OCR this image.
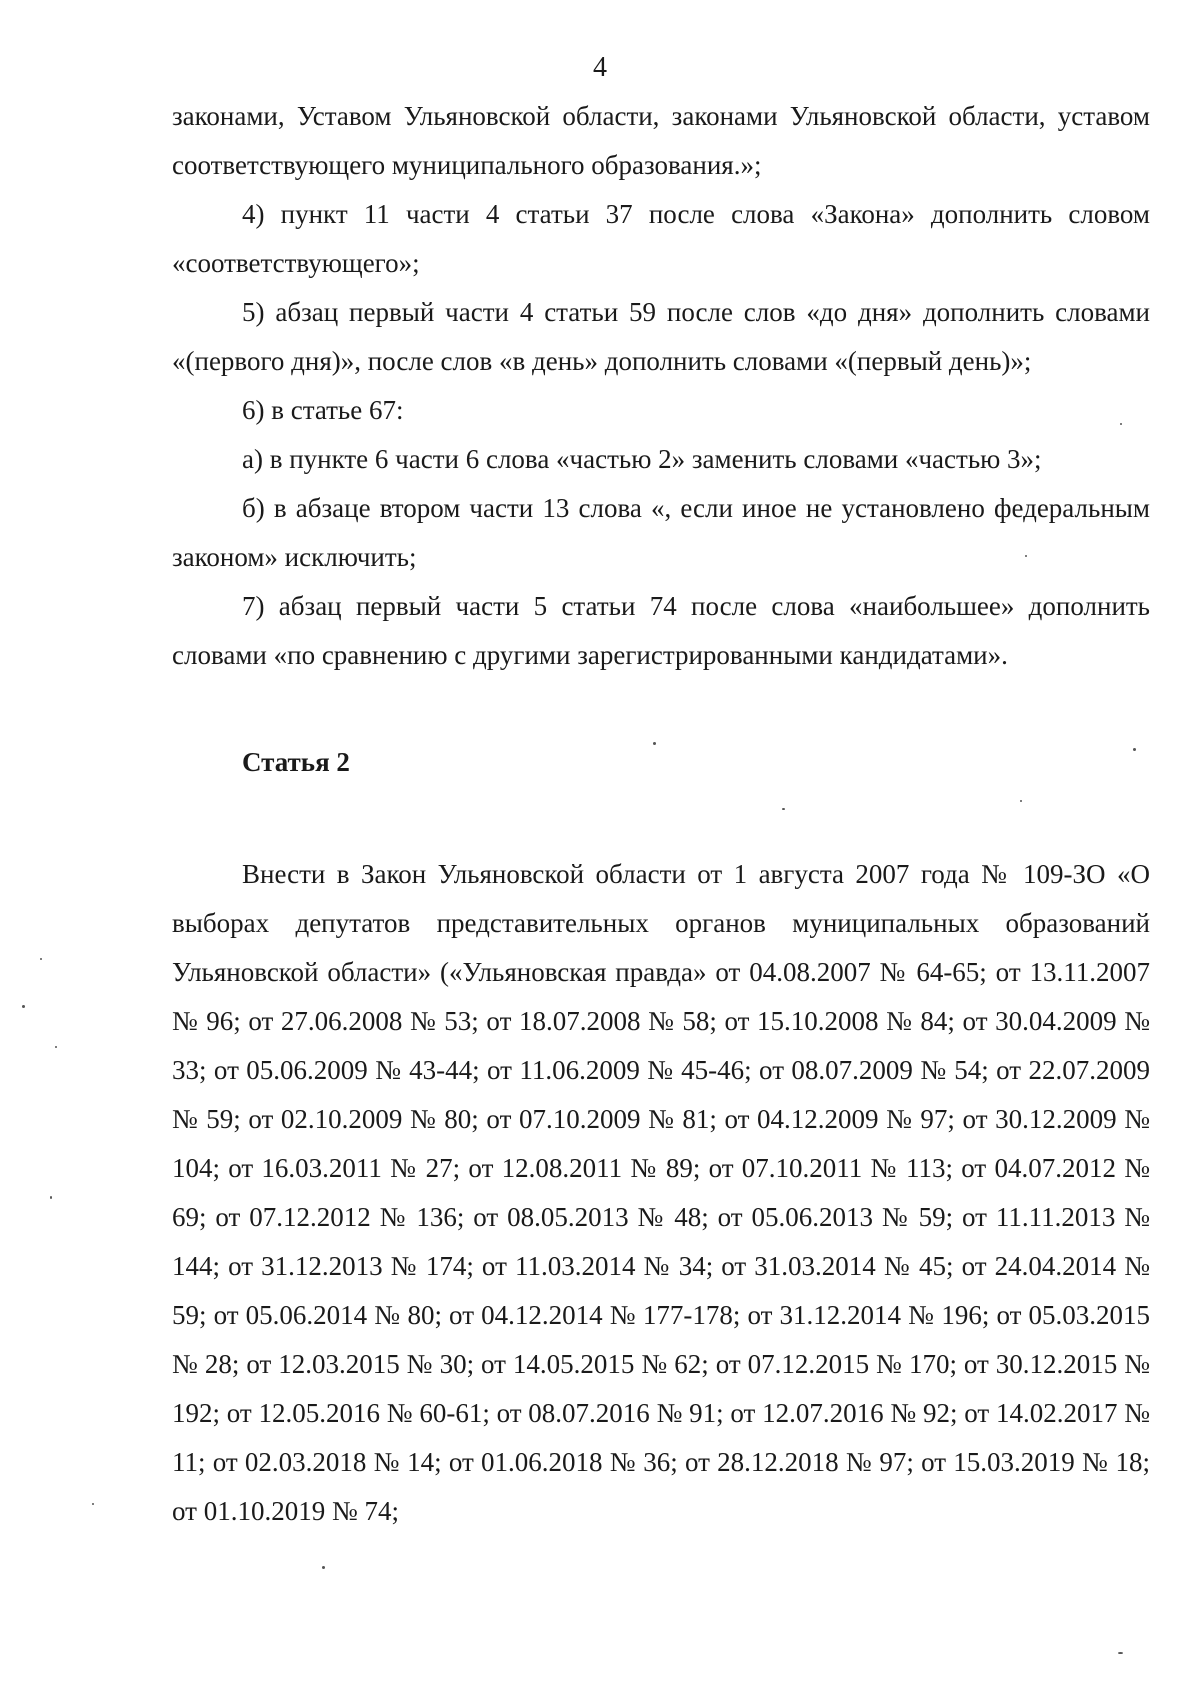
4

законами, Уставом Ульяновской области, законами Ульяновской области, уставом соответствующего муниципального образования.»;

4) пункт 11 части 4 статьи 37 после слова «Закона» дополнить словом «соответствующего»;

5) абзац первый части 4 статьи 59 после слов «до дня» дополнить словами «(первого дня)», после слов «в день» дополнить словами «(первый день)»;

6) в статье 67:

а) в пункте 6 части 6 слова «частью 2» заменить словами «частью 3»;

б) в абзаце втором части 13 слова «, если иное не установлено федеральным законом» исключить;

7) абзац первый части 5 статьи 74 после слова «наибольшее» дополнить словами «по сравнению с другими зарегистрированными кандидатами».

Статья 2

Внести в Закон Ульяновской области от 1 августа 2007 года № 109-ЗО «О выборах депутатов представительных органов муниципальных образований Ульяновской области» («Ульяновская правда» от 04.08.2007 № 64-65; от 13.11.2007 № 96; от 27.06.2008 № 53; от 18.07.2008 № 58; от 15.10.2008 № 84; от 30.04.2009 № 33; от 05.06.2009 № 43-44; от 11.06.2009 № 45-46; от 08.07.2009 № 54; от 22.07.2009 № 59; от 02.10.2009 № 80; от 07.10.2009 № 81; от 04.12.2009 № 97; от 30.12.2009 № 104; от 16.03.2011 № 27; от 12.08.2011 № 89; от 07.10.2011 № 113; от 04.07.2012 № 69; от 07.12.2012 № 136; от 08.05.2013 № 48; от 05.06.2013 № 59; от 11.11.2013 № 144; от 31.12.2013 № 174; от 11.03.2014 № 34; от 31.03.2014 № 45; от 24.04.2014 № 59; от 05.06.2014 № 80; от 04.12.2014 № 177-178; от 31.12.2014 № 196; от 05.03.2015 № 28; от 12.03.2015 № 30; от 14.05.2015 № 62; от 07.12.2015 № 170; от 30.12.2015 № 192; от 12.05.2016 № 60-61; от 08.07.2016 № 91; от 12.07.2016 № 92; от 14.02.2017 № 11; от 02.03.2018 № 14; от 01.06.2018 № 36; от 28.12.2018 № 97; от 15.03.2019 № 18; от 01.10.2019 № 74;
